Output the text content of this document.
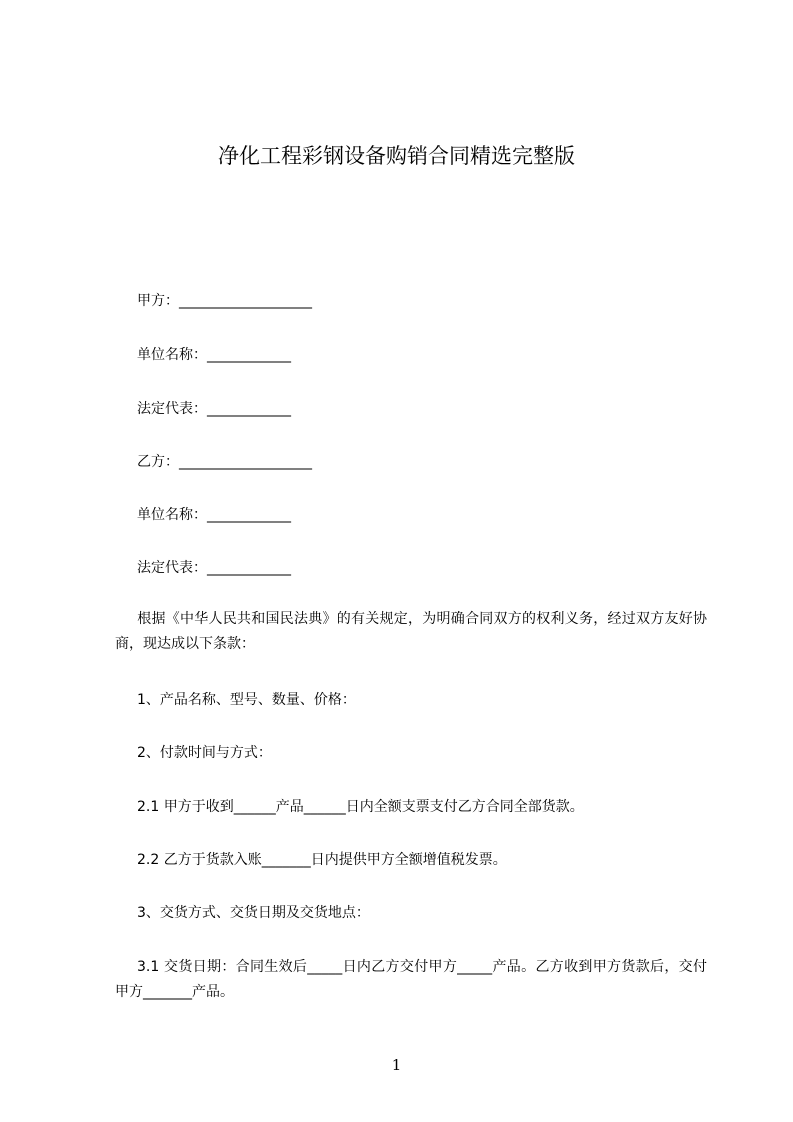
净化工程彩钢设备购销合同精选完整版
甲方：___________________
单位名称：____________
法定代表：____________
乙方：___________________
单位名称：____________
法定代表：____________
根据《中华人民共和国民法典》的有关规定，为明确合同双方的权利义务，经过双方友好协商，现达成以下条款：
1、产品名称、型号、数量、价格：
2、付款时间与方式：
2.1 甲方于收到______产品______日内全额支票支付乙方合同全部货款。
2.2 乙方于货款入账_______日内提供甲方全额增值税发票。
3、交货方式、交货日期及交货地点：
3.1 交货日期：合同生效后_____日内乙方交付甲方_____产品。乙方收到甲方货款后，交付甲方_______产品。
1
